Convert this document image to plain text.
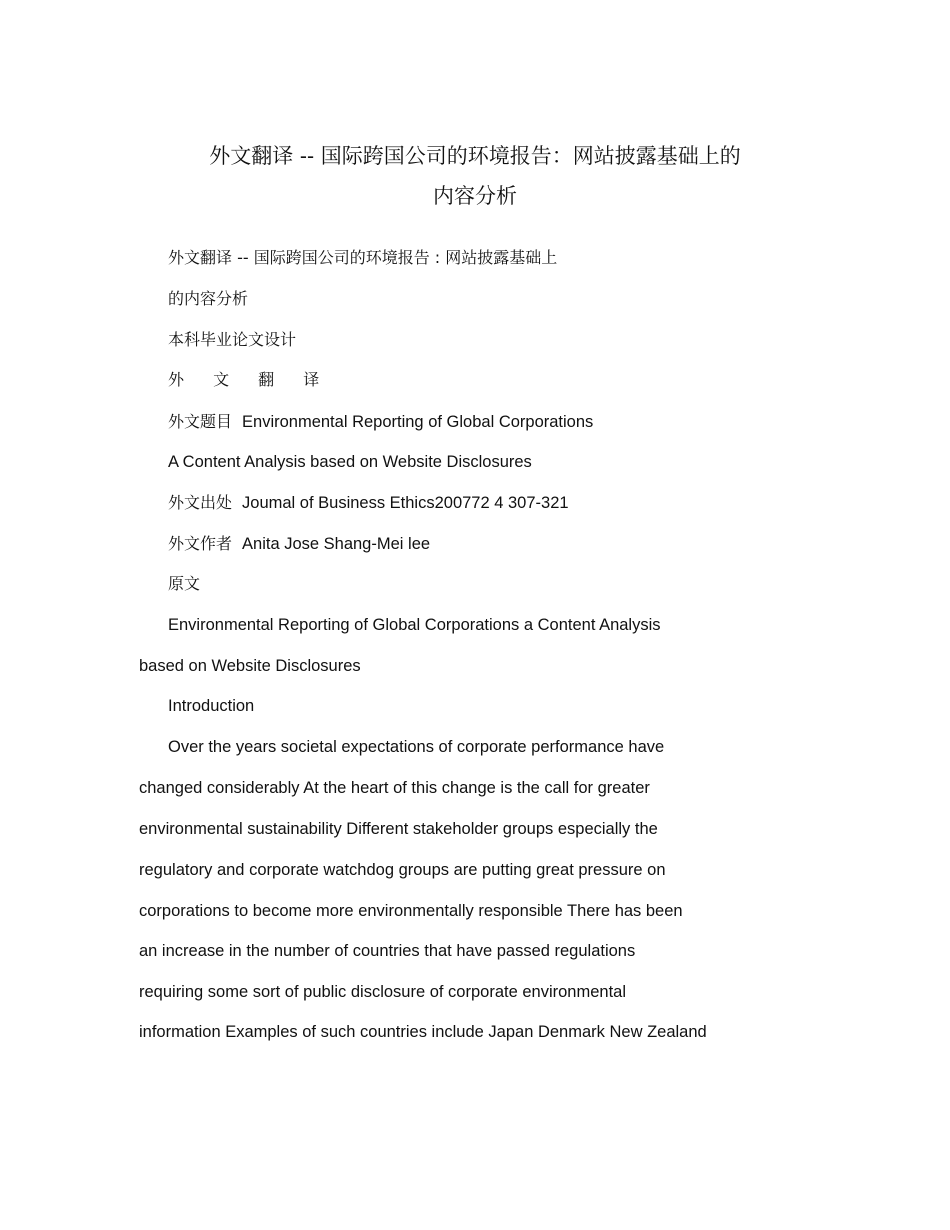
外文翻译 -- 国际跨国公司的环境报告：网站披露基础上的
内容分析
外文翻译 -- 国际跨国公司的环境报告 : 网站披露基础上
的内容分析
本科毕业论文设计
外 文 翻 译
外文题目 Environmental Reporting of Global Corporations
A Content Analysis based on Website Disclosures
外文出处 Joumal of Business Ethics200772 4 307-321
外文作者 Anita Jose Shang-Mei lee
原文
Environmental Reporting of Global Corporations a Content Analysis
based on Website Disclosures
Introduction
Over the years societal expectations of corporate performance have
changed considerably At the heart of this change is the call for greater
environmental sustainability Different stakeholder groups especially the
regulatory and corporate watchdog groups are putting great pressure on
corporations to become more environmentally responsible There has been
an increase in the number of countries that have passed regulations
requiring some sort of public disclosure of corporate environmental
information Examples of such countries include Japan Denmark New Zealand
